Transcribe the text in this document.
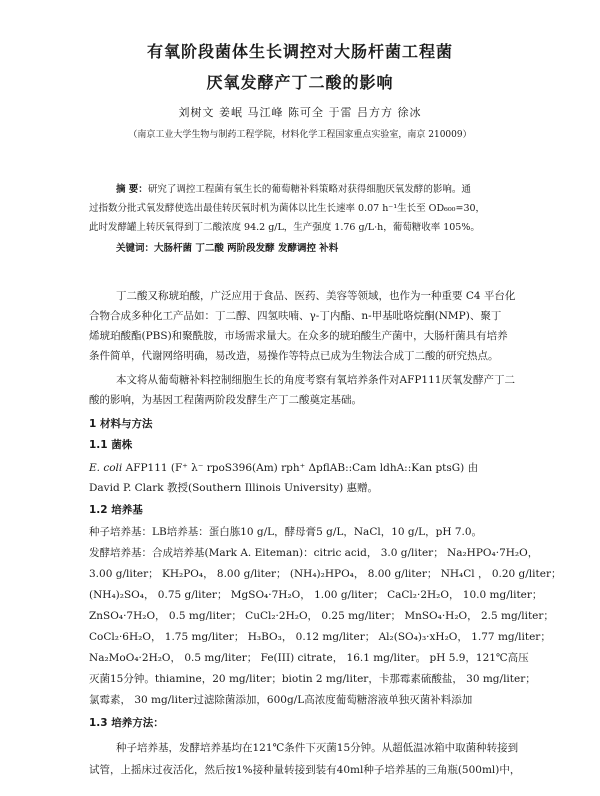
有氧阶段菌体生长调控对大肠杆菌工程菌
厌氧发酵产丁二酸的影响
刘树文 姜岷 马江峰 陈可全 于雷 吕方方 徐冰
（南京工业大学生物与制药工程学院，材料化学工程国家重点实验室，南京 210009）
摘 要：研究了调控工程菌有氧生长的葡萄糖补料策略对获得细胞厌氧发酵的影响。通
过指数分批式氧发酵使选出最佳转厌氧时机为菌体以比生长速率 0.07 h⁻¹生长至 OD₆₀₀=30，
此时发酵罐上转厌氧得到丁二酸浓度 94.2 g/L，生产强度 1.76 g/L·h，葡萄糖收率 105%。
关键词：大肠杆菌 丁二酸 两阶段发酵 发酵调控 补料
丁二酸又称琥珀酸，广泛应用于食品、医药、美容等领域，也作为一种重要 C4 平台化
合物合成多种化工产品如：丁二醇、四氢呋喃、γ-丁内酯、n-甲基吡咯烷酮(NMP)、聚丁
烯琥珀酸酯(PBS)和聚酰胺，市场需求量大。在众多的琥珀酸生产菌中，大肠杆菌具有培养
条件简单，代谢网络明确，易改造，易操作等特点已成为生物法合成丁二酸的研究热点。
本文将从葡萄糖补料控制细胞生长的角度考察有氧培养条件对AFP111厌氧发酵产丁二
酸的影响，为基因工程菌两阶段发酵生产丁二酸奠定基础。
1 材料与方法
1.1 菌株
E. coli AFP111 (F⁺ λ⁻ rpoS396(Am) rph⁺ ΔpflAB::Cam ldhA::Kan ptsG) 由
David P. Clark 教授(Southern Illinois University) 惠赠。
1.2 培养基
种子培养基：LB培养基：蛋白胨10 g/L，酵母膏5 g/L，NaCl，10 g/L，pH 7.0。
发酵培养基：合成培养基(Mark A. Eiteman)：citric acid， 3.0 g/liter； Na₂HPO₄·7H₂O，
3.00 g/liter； KH₂PO₄， 8.00 g/liter； (NH₄)₂HPO₄， 8.00 g/liter； NH₄Cl ， 0.20 g/liter；
(NH₄)₂SO₄， 0.75 g/liter； MgSO₄·7H₂O， 1.00 g/liter； CaCl₂·2H₂O， 10.0 mg/liter；
ZnSO₄·7H₂O， 0.5 mg/liter； CuCl₂·2H₂O， 0.25 mg/liter； MnSO₄·H₂O， 2.5 mg/liter；
CoCl₂·6H₂O， 1.75 mg/liter； H₃BO₃， 0.12 mg/liter； Al₂(SO₄)₃·xH₂O， 1.77 mg/liter；
Na₂MoO₄·2H₂O， 0.5 mg/liter； Fe(III) citrate， 16.1 mg/liter。 pH 5.9，121℃高压
灭菌15分钟。thiamine，20 mg/liter；biotin 2 mg/liter，卡那霉素硫酸盐， 30 mg/liter；
氯霉素， 30 mg/liter过滤除菌添加，600g/L高浓度葡萄糖溶液单独灭菌补料添加
1.3 培养方法：
种子培养基，发酵培养基均在121℃条件下灭菌15分钟。从超低温冰箱中取菌种转接到
试管，上摇床过夜活化，然后按1%接种量转接到装有40ml种子培养基的三角瓶(500ml)中，
